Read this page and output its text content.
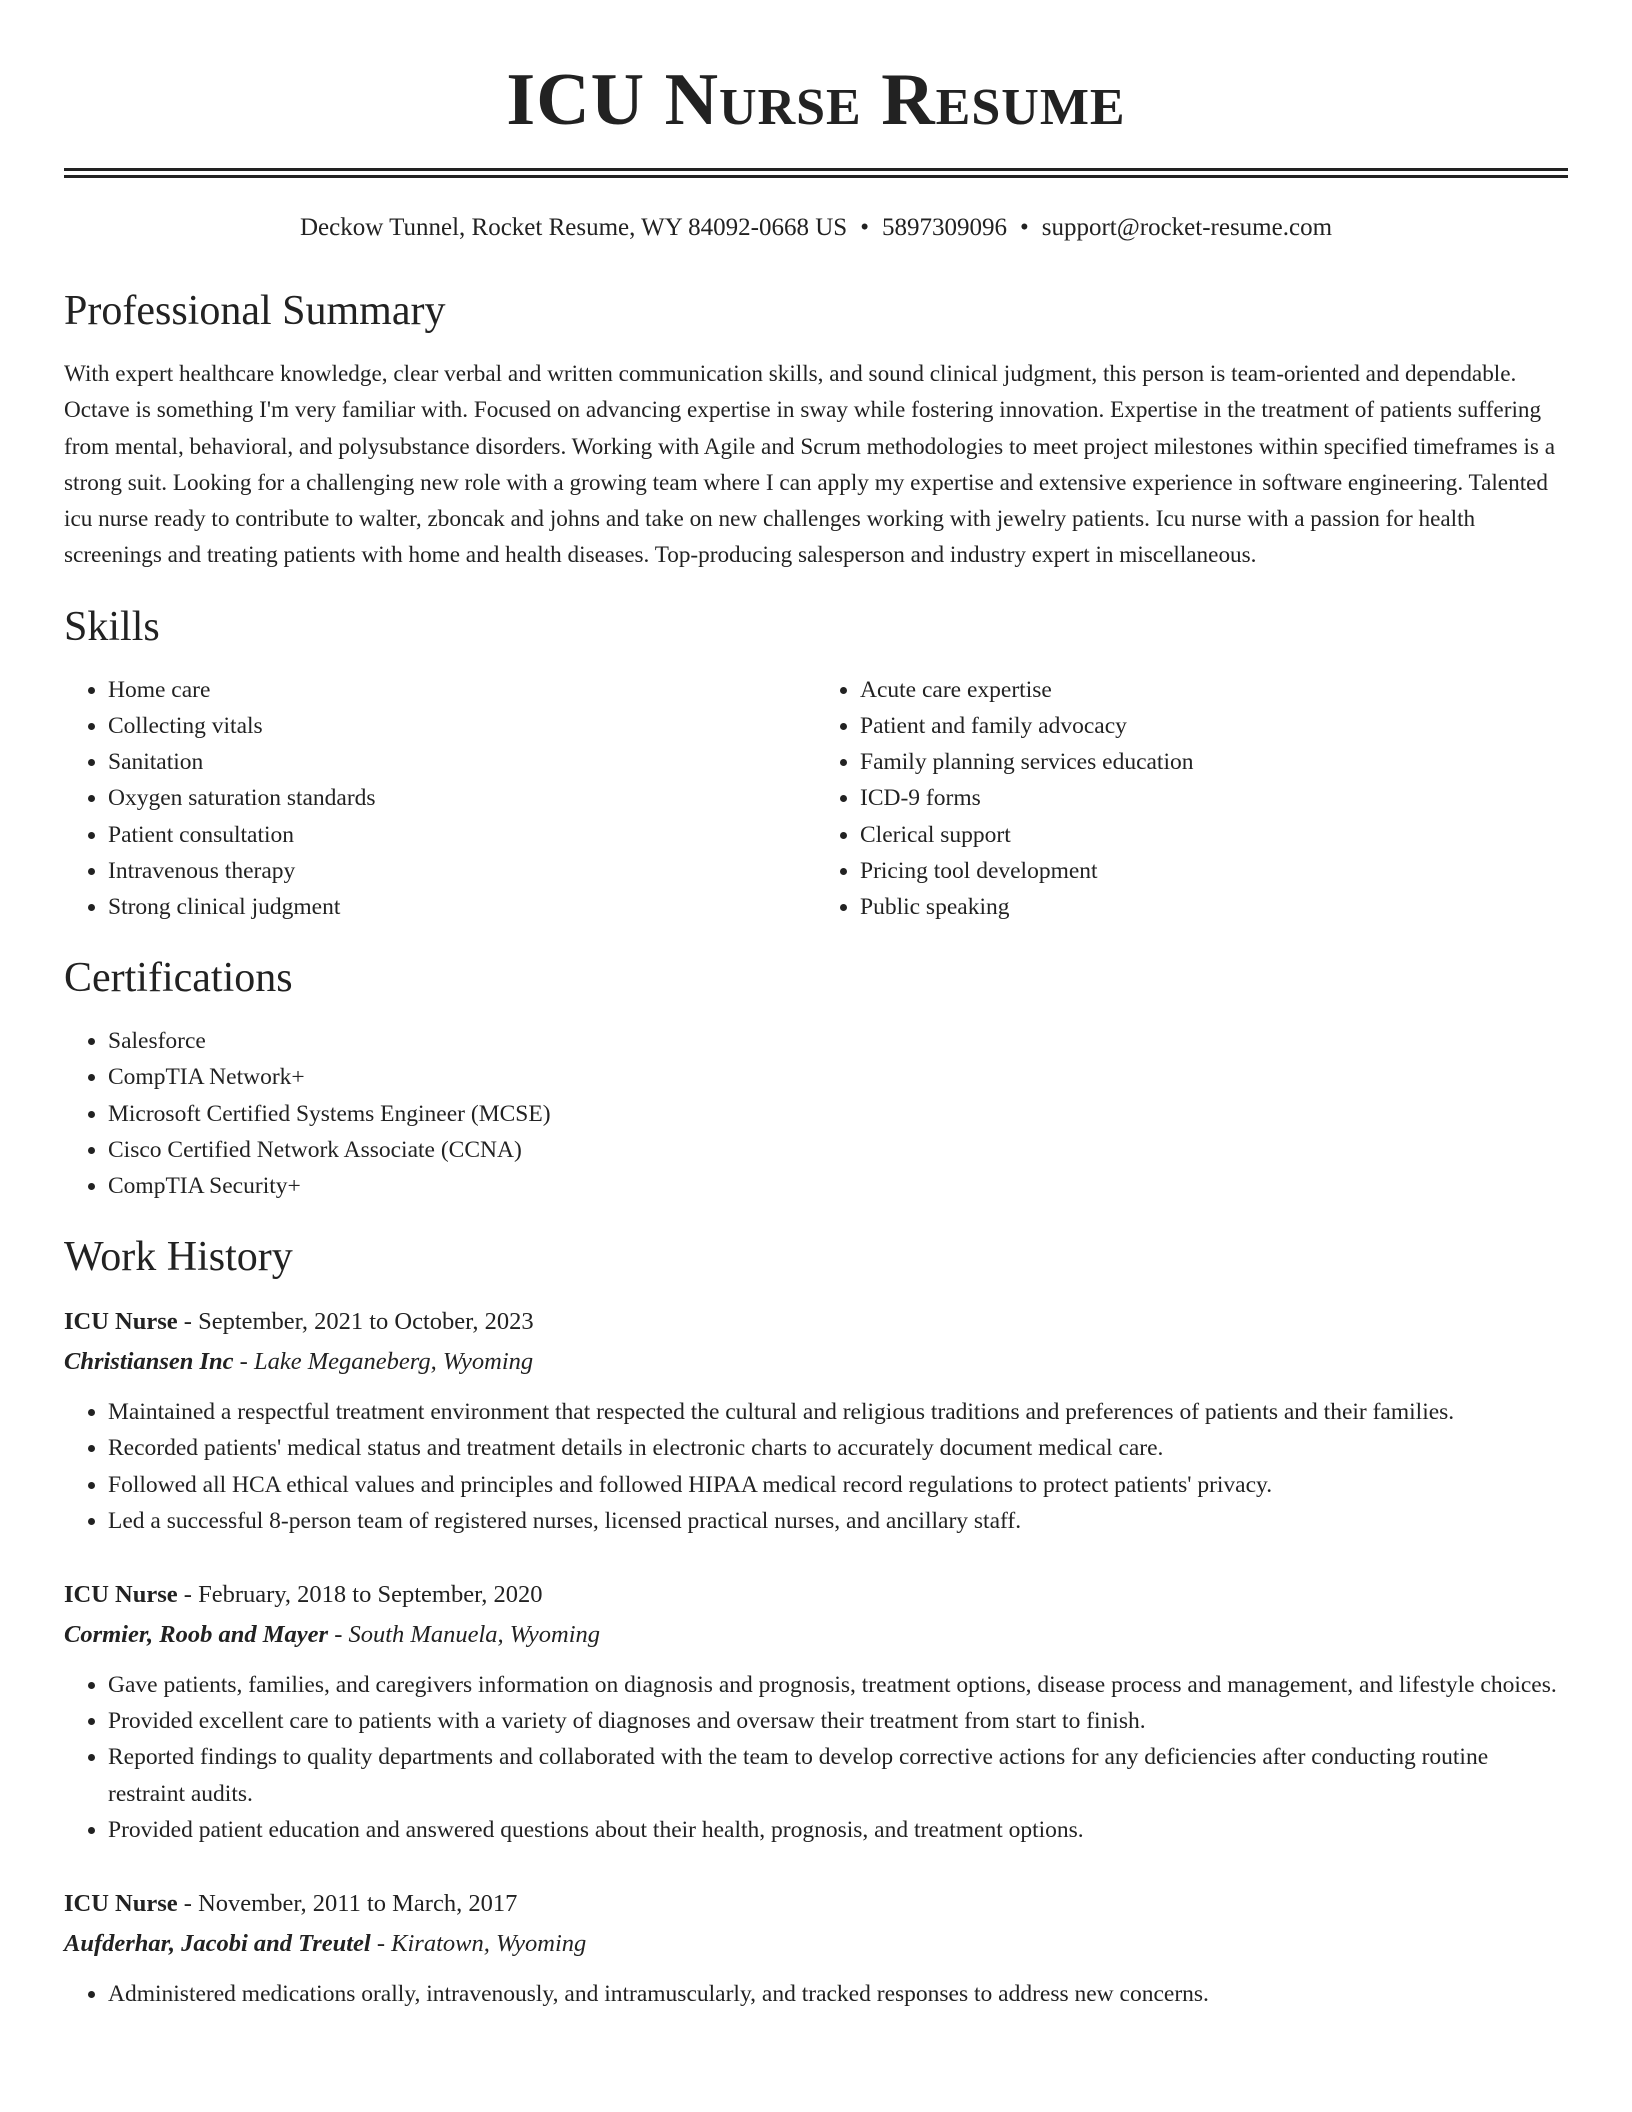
ICU Nurse Resume
Deckow Tunnel, Rocket Resume, WY 84092-0668 US • 5897309096 • support@rocket-resume.com
Professional Summary

With expert healthcare knowledge, clear verbal and written communication skills, and sound clinical judgment, this person is team-oriented and dependable. Octave is something I'm very familiar with. Focused on advancing expertise in sway while fostering innovation. Expertise in the treatment of patients suffering from mental, behavioral, and polysubstance disorders. Working with Agile and Scrum methodologies to meet project milestones within specified timeframes is a strong suit. Looking for a challenging new role with a growing team where I can apply my expertise and extensive experience in software engineering. Talented icu nurse ready to contribute to walter, zboncak and johns and take on new challenges working with jewelry patients. Icu nurse with a passion for health screenings and treating patients with home and health diseases. Top-producing salesperson and industry expert in miscellaneous.

Skills
• Home care
• Collecting vitals
• Sanitation
• Oxygen saturation standards
• Patient consultation
• Intravenous therapy
• Strong clinical judgment
• Acute care expertise
• Patient and family advocacy
• Family planning services education
• ICD-9 forms
• Clerical support
• Pricing tool development
• Public speaking
Certifications
• Salesforce
• CompTIA Network+
• Microsoft Certified Systems Engineer (MCSE)
• Cisco Certified Network Associate (CCNA)
• CompTIA Security+
Work History
ICU Nurse - September, 2021 to October, 2023
Christiansen Inc - Lake Meganeberg, Wyoming
• Maintained a respectful treatment environment that respected the cultural and religious traditions and preferences of patients and their families.
• Recorded patients' medical status and treatment details in electronic charts to accurately document medical care.
• Followed all HCA ethical values and principles and followed HIPAA medical record regulations to protect patients' privacy.
• Led a successful 8-person team of registered nurses, licensed practical nurses, and ancillary staff.
ICU Nurse - February, 2018 to September, 2020
Cormier, Roob and Mayer - South Manuela, Wyoming
• Gave patients, families, and caregivers information on diagnosis and prognosis, treatment options, disease process and management, and lifestyle choices.
• Provided excellent care to patients with a variety of diagnoses and oversaw their treatment from start to finish.
• Reported findings to quality departments and collaborated with the team to develop corrective actions for any deficiencies after conducting routine restraint audits.
• Provided patient education and answered questions about their health, prognosis, and treatment options.
ICU Nurse - November, 2011 to March, 2017
Aufderhar, Jacobi and Treutel - Kiratown, Wyoming
• Administered medications orally, intravenously, and intramuscularly, and tracked responses to address new concerns.
